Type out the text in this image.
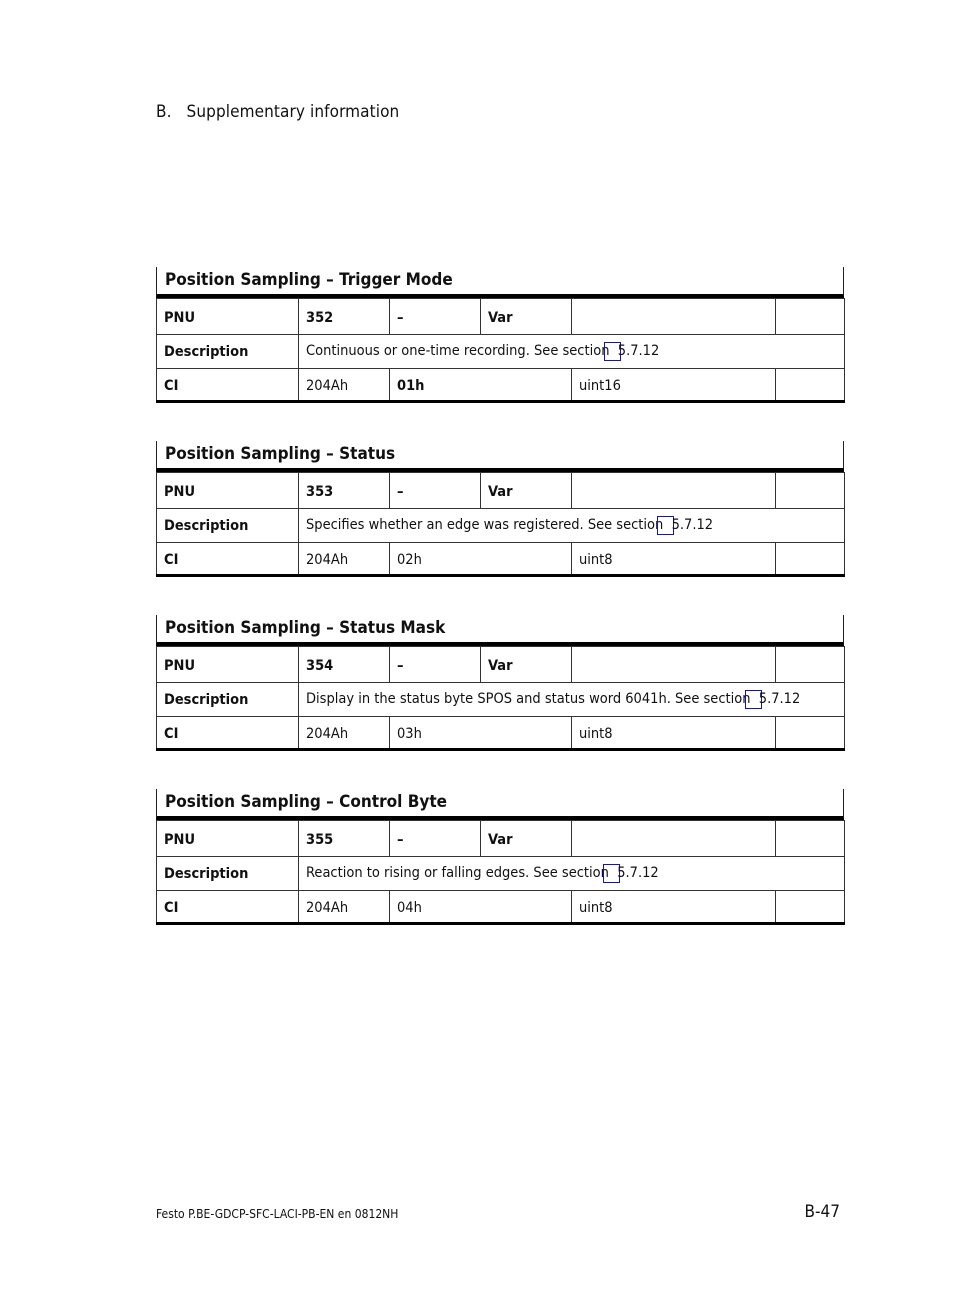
B. Supplementary information
Position Sampling – Trigger Mode
PNU	352	–	Var		
Description	Continuous or one-time recording. See section 5.7.12				
CI	204Ah	01h		uint16	
Position Sampling – Status
PNU	353	–	Var		
Description	Specifies whether an edge was registered. See section 5.7.12				
CI	204Ah	02h		uint8	
Position Sampling – Status Mask
PNU	354	–	Var		
Description	Display in the status byte SPOS and status word 6041h. See section 5.7.12				
CI	204Ah	03h		uint8	
Position Sampling – Control Byte
PNU	355	–	Var		
Description	Reaction to rising or falling edges. See section 5.7.12				
CI	204Ah	04h		uint8	
Festo P.BE-GDCP-SFC-LACI-PB-EN en 0812NH	B-47
